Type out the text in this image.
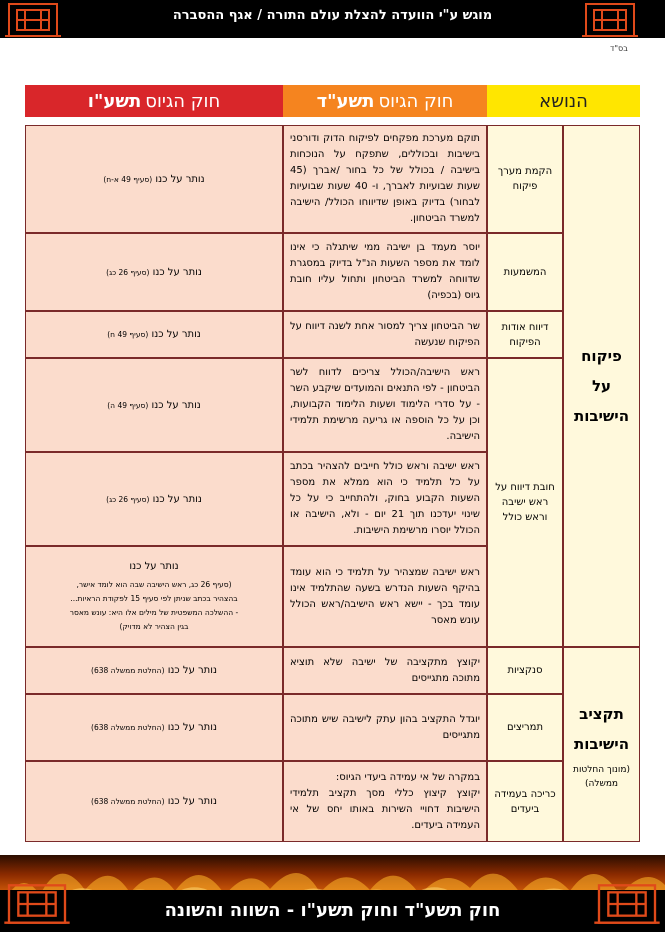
מוגש ע"י הוועדה להצלת עולם התורה / אגף ההסברה
בס"ד
הנושא
חוק הגיוס
תשע"ד
חוק הגיוס
תשע"ו
פיקוח
על
הישיבות
הקמת מערך פיקוח
תוקם מערכת מפקחים לפיקוח הדוק ודורסני בישיבות ובכוללים, שתפקח על הנוכחות בישיבה / בכולל של כל בחור /אברך (45 שעות שבועיות לאברך, ו- 40 שעות שבועיות לבחור) בדיוק באופן שדיווחו הכולל/ הישיבה למשרד הביטחון.
נותר על כנו

(סעיף 49 א-ח)
המשמעות
יוסר מעמד בן ישיבה ממי שיתגלה כי אינו לומד את מספר השעות הנ"ל בדיוק במסגרת שדווחה למשרד הביטחון ותחול עליו חובת גיוס (בכפיה)
נותר על כנו

(סעיף 26 כג)
דיווח אודות הפיקוח
שר הביטחון צריך למסור אחת לשנה דיווח על הפיקוח שנעשה
נותר על כנו

(סעיף 49 ח)
חובת דיווח על ראש ישיבה וראש כולל
ראש הישיבה/הכולל צריכים לדווח לשר הביטחון - לפי התנאים והמועדים שיקבע השר - על סדרי הלימוד ושעות הלימוד הקבועות, וכן על כל הוספה או גריעה מרשימת תלמידי הישיבה.
נותר על כנו

(סעיף 49 ה)
ראש ישיבה וראש כולל חייבים להצהיר בכתב על כל תלמיד כי הוא ממלא את מספר השעות הקבוע בחוק, ולהתחייב כי על כל שינוי יעדכנו תוך 21 יום - ולא, הישיבה או הכולל יוסרו מרשימת הישיבות.
נותר על כנו

(סעיף 26 כג)
ראש ישיבה שמצהיר על תלמיד כי הוא עומד בהיקף השעות הנדרש בשעה שהתלמיד אינו עומד בכך - יישא ראש הישיבה/ראש הכולל עונש מאסר
נותר על כנו
(סעיף 26 כג, ראש הישיבה שבה הוא לומד אישר,
בהצהיר בכתב שניתן לפי סעיף 15 לפקודת הראיות...
- ההשלכה המשפטית של מילים אלו היא: עונש מאסר
בגין הצהיר לא מדויק)
תקציב
הישיבות
(מונוך החלטות ממשלה)
סנקציות
יקוצץ מתקציבה של ישיבה שלא תוציא מתוכה מתגייסים
נותר על כנו

(החלטת ממשלה 638)
תמריצים
יוגדל התקציב בהון עתק לישיבה שיש מתוכה מתגייסים
נותר על כנו

(החלטת ממשלה 638)
כריכה בעמידה ביעדים
במקרה של אי עמידה ביעדי הגיוס:
יקוצץ קיצוץ כללי מסך תקציב תלמידי הישיבות דחויי השירות באותו יחס של אי העמידה ביעדים.
נותר על כנו

(החלטת ממשלה 638)
חוק תשע"ד וחוק תשע"ו - השווה והשונה
